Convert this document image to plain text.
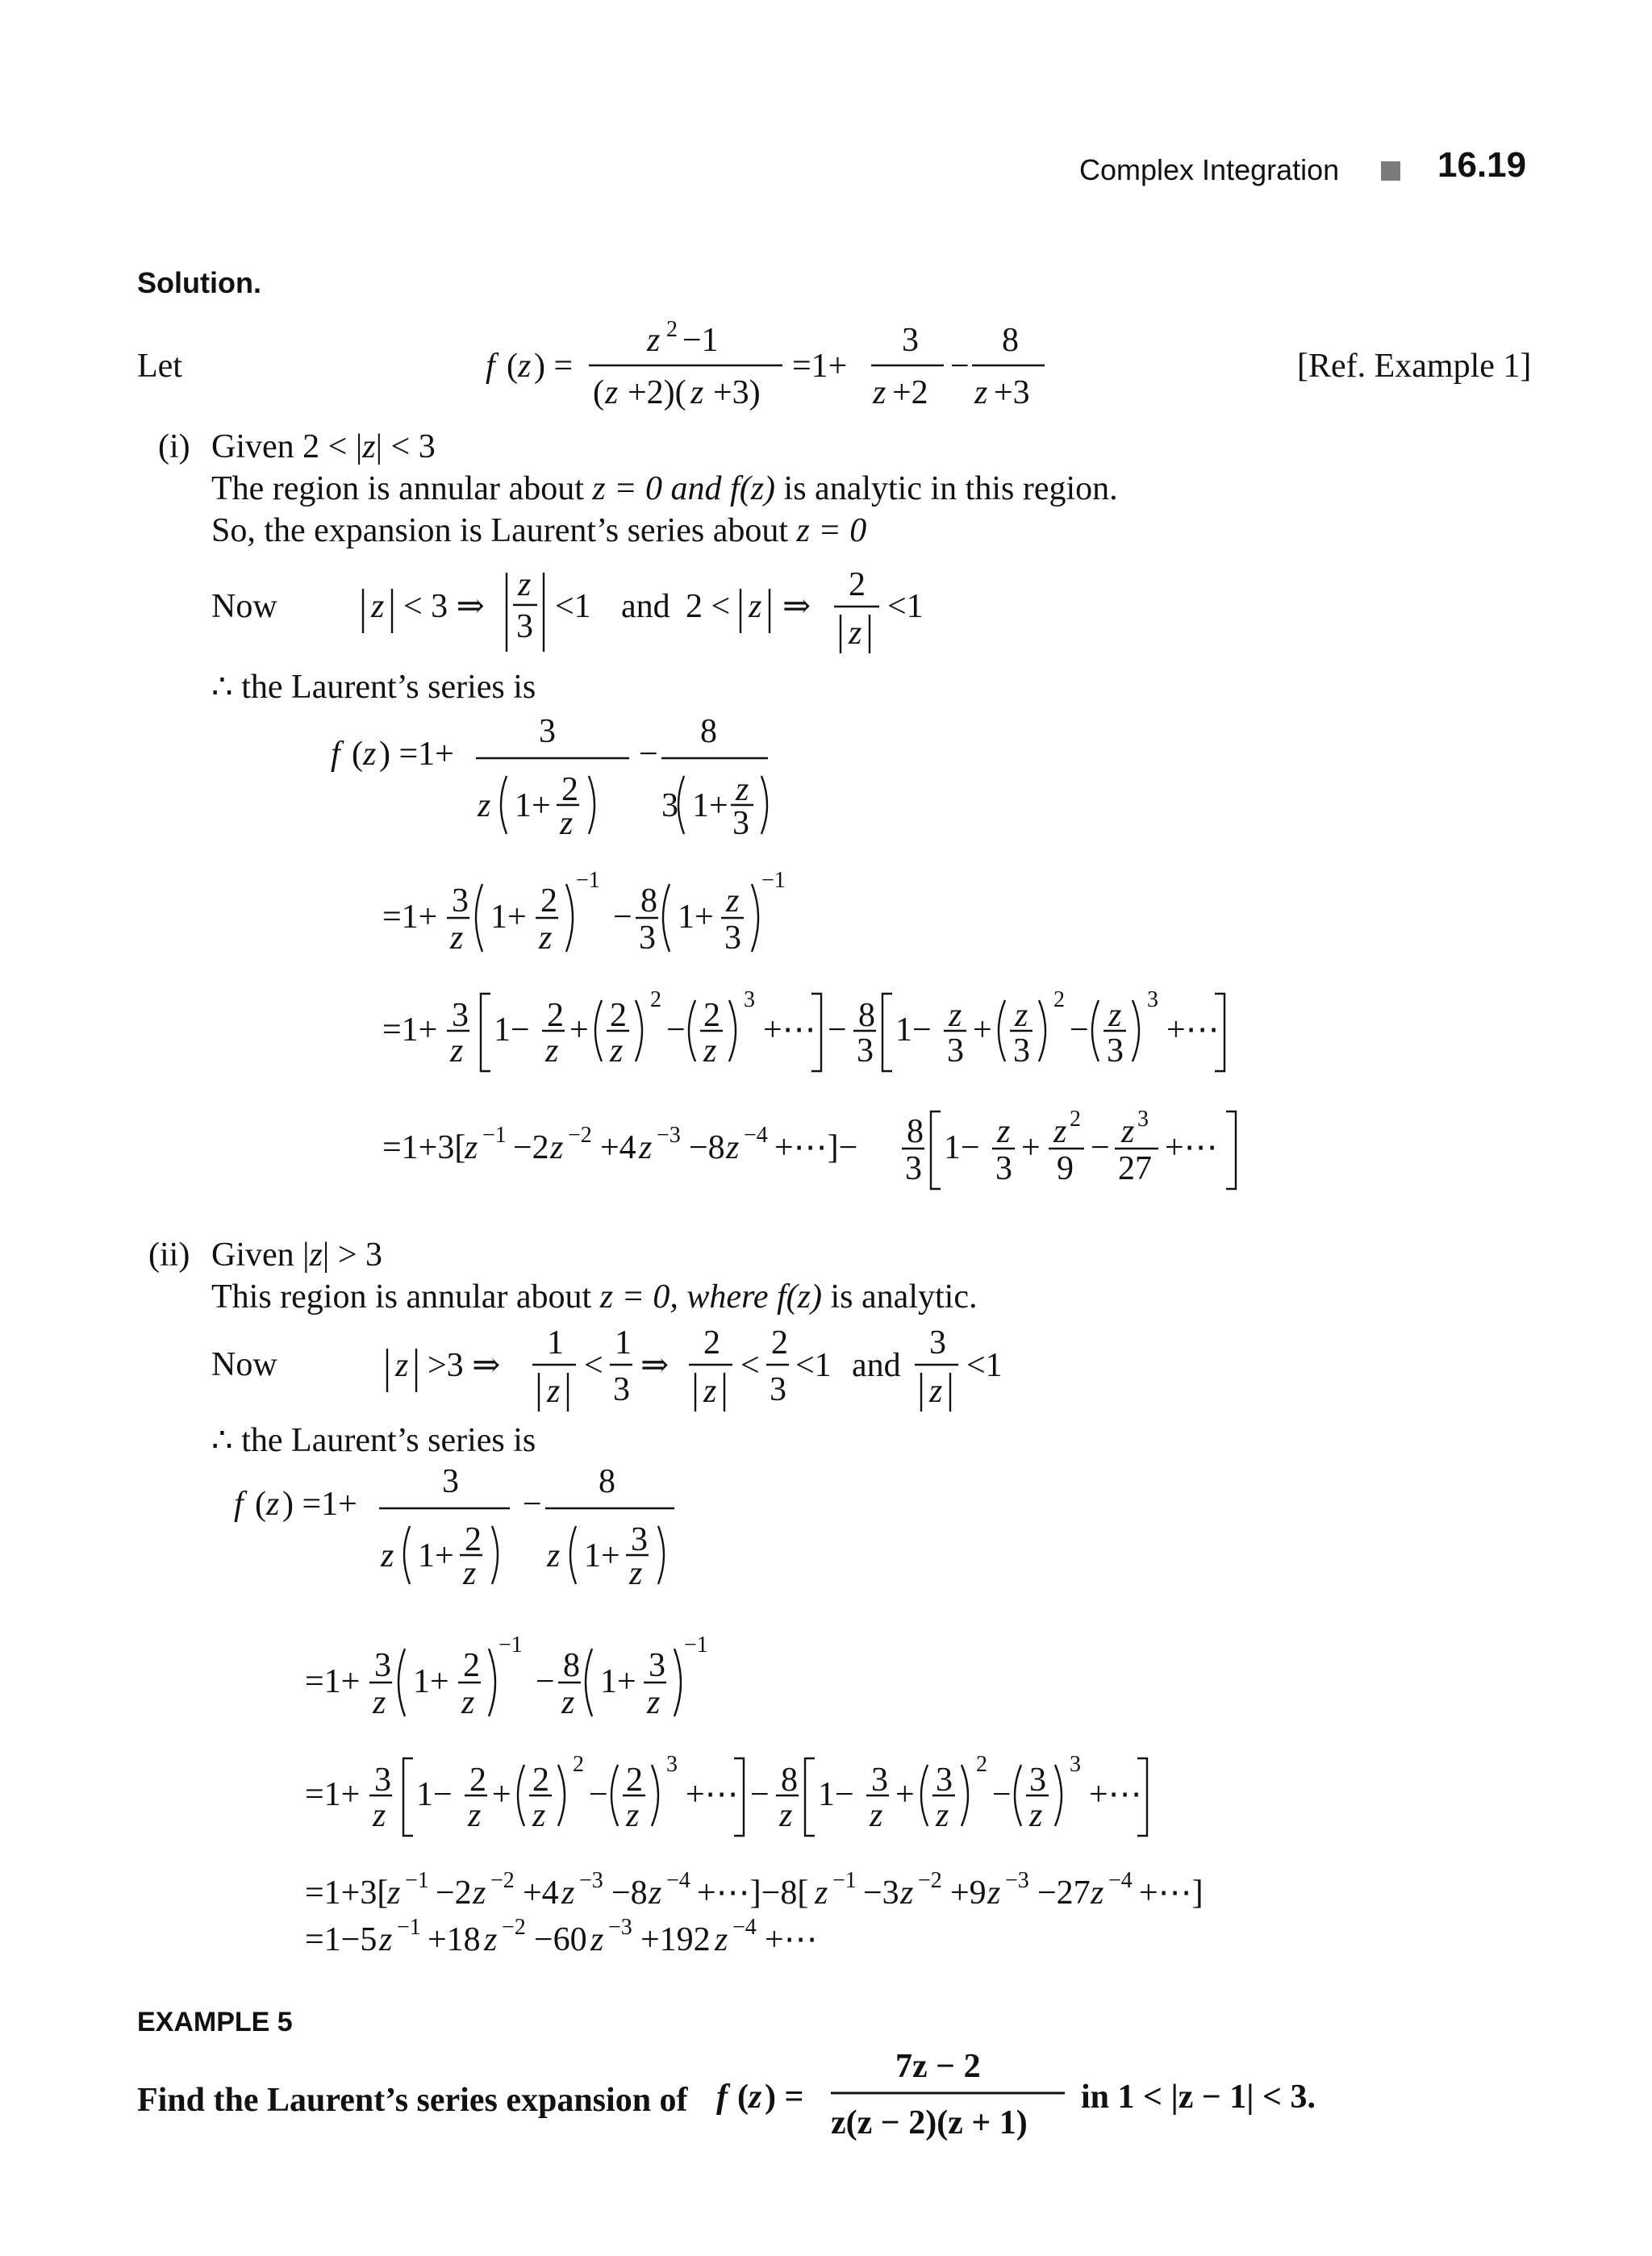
Complex Integration	16.19
Solution.
Let	[Ref. Example 1]
f ( z ) =
z 2 −1
( z +2)( z +3)
=1+
3
z +2
−
8
z +3
(i) Given 2 < |z| < 3
The region is annular about z = 0 and f(z) is analytic in this region.
So, the expansion is Laurent’s series about z = 0
Now	z < 3 ⇒
z
3
<1 and 2 < z ⇒
2
z
<1
∴ the Laurent’s series is
f ( z ) =1+
3
z 1+ 2
z
−
8
3 1+ z
3
=1+ 3
z
1+ 2
z
−1
− 8
3
1+ z
3
−1
=1+ 3
z
1− 2
z
+ 2
z
2
− 2
z
3
+⋯ − 8
3
1− z
3
+ z
3
2
− z
3
3
+⋯
=1+3[
z −1 −2 z −2 +4 z −3 −8 z −4 +⋯]− 8
3
1− z
3
+ z 2
9
− z 3
27
+⋯
(ii) Given |z| > 3
This region is annular about z = 0, where f(z) is analytic.
Now	z >3 ⇒
1
z
<
1
3
⇒
2
z
<
2
3
<1 and
3
z
<1
∴ the Laurent’s series is
f ( z ) =1+
3
z 1+ 2
z
−
8
z 1+ 3
z
=1+ 3
z
1+ 2
z
−1
− 8
z
1+ 3
z
−1
=1+ 3
z
1− 2
z
+ 2
z
2
− 2
z
3
+⋯ − 8
z
1− 3
z
+ 3
z
2
− 3
z
3
+⋯
=1+3[
z −1 −2 z −2 +4 z −3 −8 z −4 +⋯]−8[ z −1 −3 z −2 +9 z −3 −27 z −4 +⋯]
=1−5 z −1 +18 z −2 −60 z −3 +192 z −4 +⋯
EXAMPLE 5
Find the Laurent’s series expansion of f ( z ) =
7z − 2
z(z − 2)(z + 1)
in 1 < |z − 1| < 3.
